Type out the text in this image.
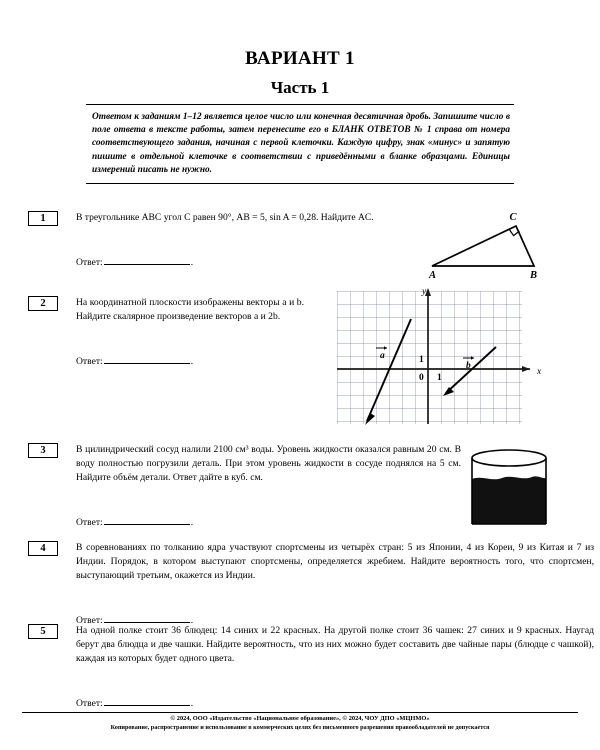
ВАРИАНТ 1
Часть 1
Ответом к заданиям 1–12 является целое число или конечная десятичная дробь. Запишите число в поле ответа в тексте работы, затем перенесите его в БЛАНК ОТВЕТОВ № 1 справа от номера соответствующего задания, начиная с первой клеточки. Каждую цифру, знак «минус» и запятую пишите в отдельной клеточке в соответствии с приведёнными в бланке образцами. Единицы измерений писать не нужно.
1	В треугольнике ABC угол C равен 90°, AB = 5, sin A = 0,28. Найдите AC.
Ответ:	.
C
A	B
2	На координатной плоскости изображены векторы a и b. Найдите скалярное произведение векторов a и 2b.
Ответ:	.
x
y
0 1
1
a
b
3	В цилиндрический сосуд налили 2100 см³ воды. Уровень жидкости оказался равным 20 см. В воду полностью погрузили деталь. При этом уровень жидкости в сосуде поднялся на 5 см. Найдите объём детали. Ответ дайте в куб. см.
Ответ:	.
4	В соревнованиях по толканию ядра участвуют спортсмены из четырёх стран: 5 из Японии, 4 из Кореи, 9 из Китая и 7 из Индии. Порядок, в котором выступают спортсмены, определяется жребием. Найдите вероятность того, что спортсмен, выступающий третьим, окажется из Индии.
Ответ:	.
5	На одной полке стоит 36 блюдец: 14 синих и 22 красных. На другой полке стоит 36 чашек: 27 синих и 9 красных. Наугад берут два блюдца и две чашки. Найдите вероятность, что из них можно будет составить две чайные пары (блюдце с чашкой), каждая из которых будет одного цвета.
Ответ:	.
© 2024, ООО «Издательство «Национальное образование», © 2024, ЧОУ ДПО «МЦНМО»
Копирование, распространение и использование в коммерческих целях без письменного разрешения правообладателей не допускается
